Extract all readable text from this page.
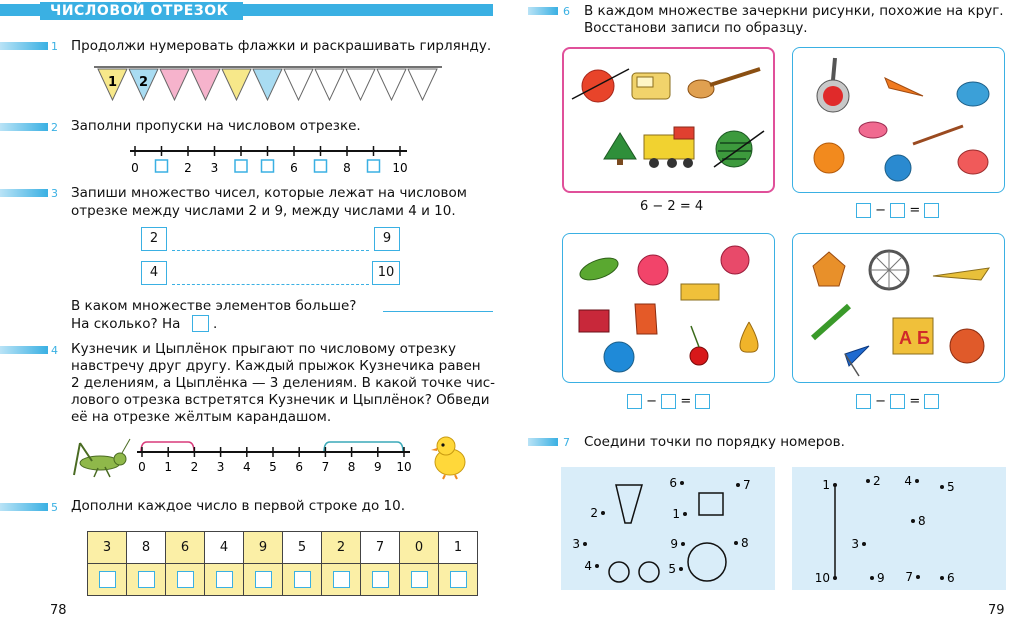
ЧИСЛОВОЙ ОТРЕЗОК
1 Продолжи нумеровать флажки и раскрашивать гирлянду.
1 2
2 Заполни пропуски на числовом отрезке.
0	2 3	6	8	10
3 Запиши множество чисел, которые лежат на числовом
отрезке между числами 2 и 9, между числами 4 и 10.
2	9
4	10
В каком множестве элементов больше?
На сколько? На .
4 Кузнечик и Цыплёнок прыгают по числовому отрезку
навстречу друг другу. Каждый прыжок Кузнечика равен
2 делениям, а Цыплёнка — 3 делениям. В какой точке чис-
лового отрезка встретятся Кузнечик и Цыплёнок? Обведи
её на отрезке жёлтым карандашом.
0 1 2 3 4 5 6 7 8 9 10
5 Дополни каждое число в первой строке до 10.
3	8	6	4	9	5	2	7	0	1

78
6 В каждом множестве зачеркни рисунки, похожие на круг.
Восстанови записи по образцу.
6 − 2 = 4	− =
− =
А Б
− =
7 Соедини точки по порядку номеров.
2
3
4
6
1
9
5
7
8
1	2 4	5
8
3
10	9 7	6
79
